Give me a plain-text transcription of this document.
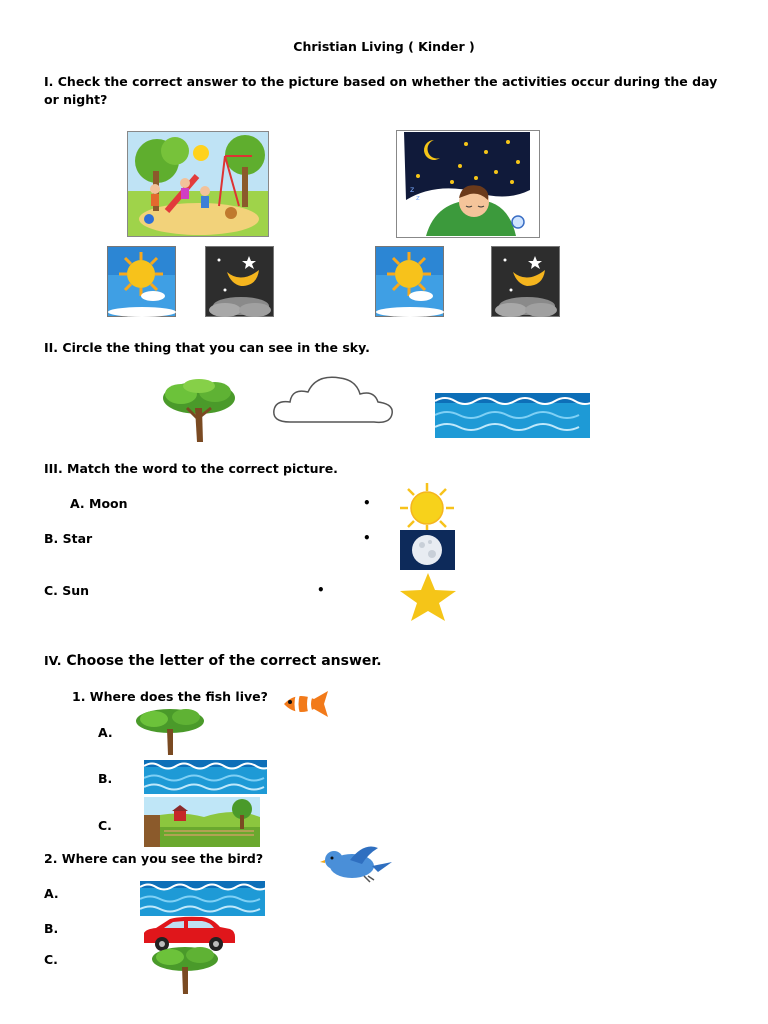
Christian Living ( Kinder )
I. Check the correct answer to the picture based on whether the activities occur during the day or night?
z
z
II. Circle the thing that you can see in the sky.
III. Match the word to the correct picture.
A. Moon
B. Star
C. Sun
•
•
•
IV. Choose the letter of the correct answer.
1. Where does the fish live?
A.
B.
C.
2. Where can you see the bird?
A.
B.
C.
